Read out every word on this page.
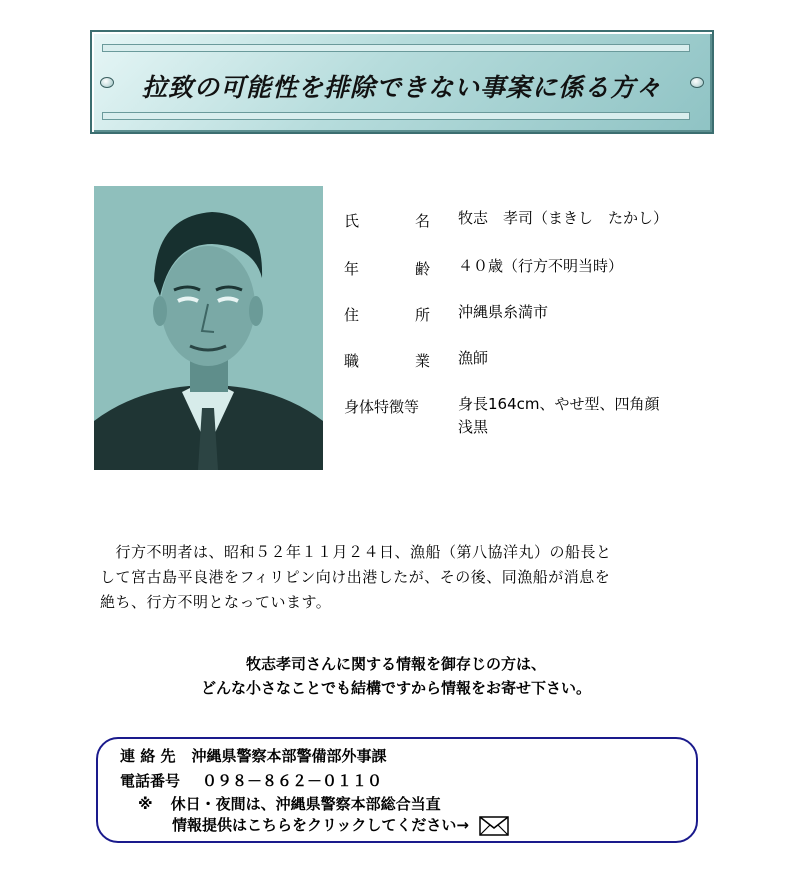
拉致の可能性を排除できない事案に係る方々
氏	名 牧志　孝司（まきし　たかし）
年	齢 ４０歳（行方不明当時）
住	所 沖縄県糸満市
職	業 漁師
身体特徴等	身長164cm、やせ型、四角顔
浅黒
　行方不明者は、昭和５２年１１月２４日、漁船（第八協洋丸）の船長と
して宮古島平良港をフィリピン向け出港したが、その後、同漁船が消息を
絶ち、行方不明となっています。
牧志孝司さんに関する情報を御存じの方は、
どんな小さなことでも結構ですから情報をお寄せ下さい。
連 絡 先 沖縄県警察本部警備部外事課
電話番号 ０９８－８６２－０１１０
※ 休日・夜間は、沖縄県警察本部総合当直
情報提供はこちらをクリックしてください→
